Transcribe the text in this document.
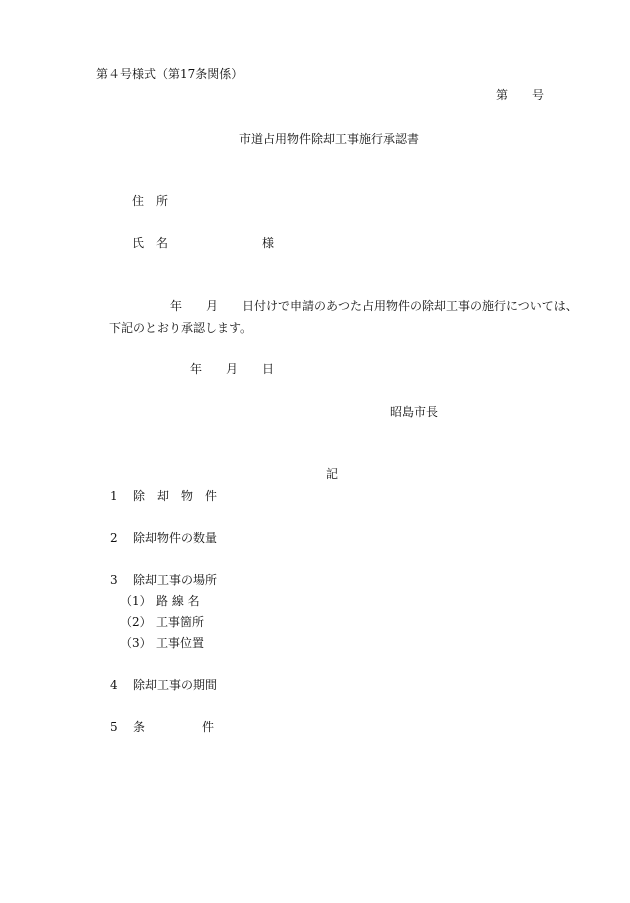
第４号様式（第17条関係）
第　　号
市道占用物件除却工事施行承認書
住　所
氏　名	様
年　　月　　日付けで申請のあつた占用物件の除却工事の施行については、
下記のとおり承認します。
年　　月　　日
昭島市長
記
1 除　却　物　件
2 除却物件の数量
3 除却工事の場所
（1） 路 線 名
（2） 工事箇所
（3） 工事位置
4 除却工事の期間
5 条	件
